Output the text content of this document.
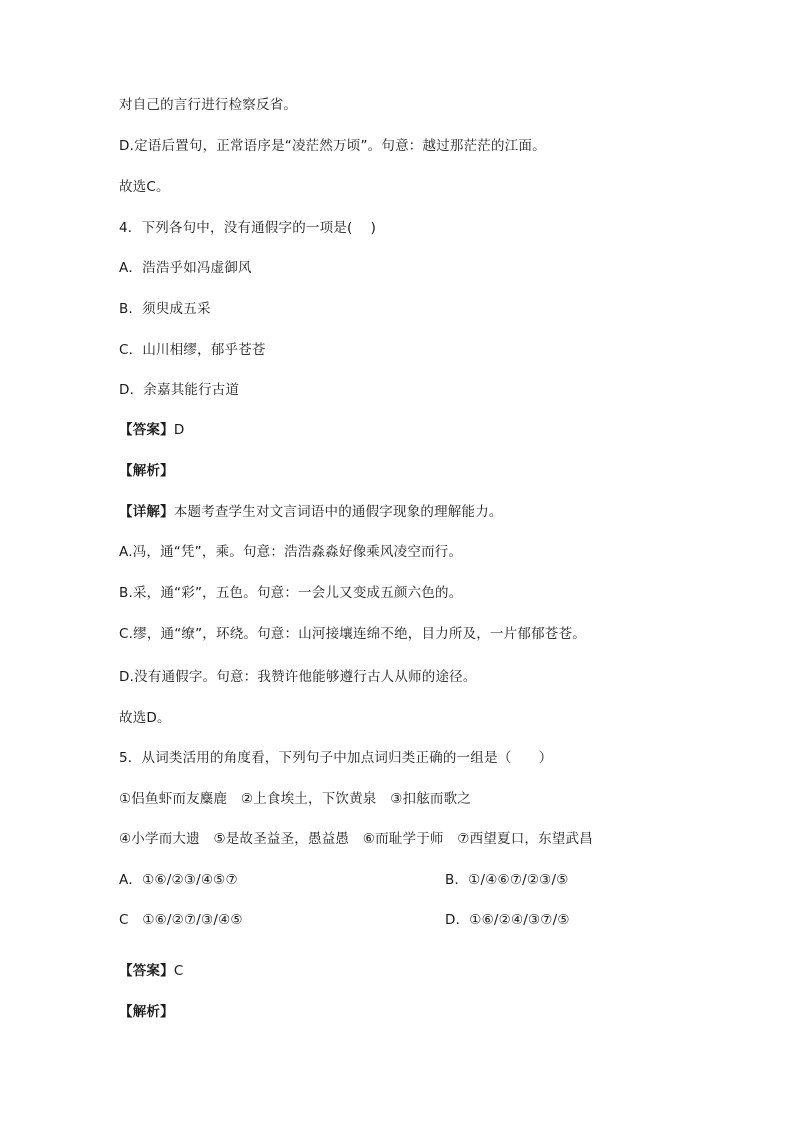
对自己的言行进行检察反省。
D.定语后置句，正常语序是“凌茫然万顷”。句意：越过那茫茫的江面。
故选C。
4．下列各句中，没有通假字的一项是(　 )
A．浩浩乎如冯虚御风
B．须臾成五采
C．山川相缪，郁乎苍苍
D．余嘉其能行古道
【答案】D
【解析】
【详解】本题考查学生对文言词语中的通假字现象的理解能力。
A.冯，通“凭”，乘。句意：浩浩淼淼好像乘风凌空而行。
B.采，通“彩”，五色。句意：一会儿又变成五颜六色的。
C.缪，通“缭”，环绕。句意：山河接壤连绵不绝，目力所及，一片郁郁苍苍。
D.没有通假字。句意：我赞许他能够遵行古人从师的途径。
故选D。
5．从词类活用的角度看，下列句子中加点词归类正确的一组是（　　）
①侣鱼虾而友麋鹿　②上食埃土，下饮黄泉　③扣舷而歌之
④小学而大遗　⑤是故圣益圣，愚益愚　⑥而耻学于师　⑦西望夏口，东望武昌
A．①⑥/②③/④⑤⑦	B．①/④⑥⑦/②③/⑤
C　①⑥/②⑦/③/④⑤	D．①⑥/②④/③⑦/⑤
【答案】C
【解析】
